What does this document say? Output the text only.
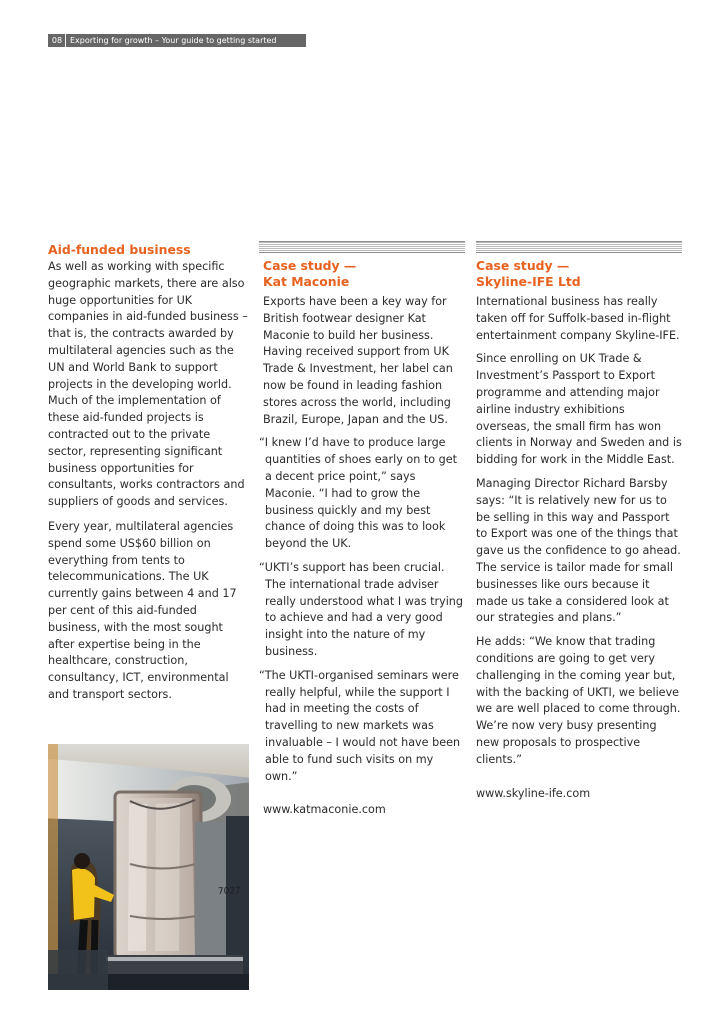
08 Exporting for growth – Your guide to getting started
Aid-funded business

As well as working with specific geographic markets, there are also huge opportunities for UK companies in aid-funded business – that is, the contracts awarded by multilateral agencies such as the UN and World Bank to support projects in the developing world. Much of the implementation of these aid-funded projects is contracted out to the private sector, representing significant business opportunities for consultants, works contractors and suppliers of goods and services.

Every year, multilateral agencies spend some US$60 billion on everything from tents to telecommunications. The UK currently gains between 4 and 17 per cent of this aid-funded business, with the most sought after expertise being in the healthcare, construction, consultancy, ICT, environmental and transport sectors.

Case study —
Kat Maconie

Exports have been a key way for British footwear designer Kat Maconie to build her business. Having received support from UK Trade & Investment, her label can now be found in leading fashion stores across the world, including Brazil, Europe, Japan and the US.

“I knew I’d have to produce large quantities of shoes early on to get a decent price point,” says Maconie. “I had to grow the business quickly and my best chance of doing this was to look beyond the UK.

“UKTI’s support has been crucial. The international trade adviser really understood what I was trying to achieve and had a very good insight into the nature of my business.

“The UKTI-organised seminars were really helpful, while the support I had in meeting the costs of travelling to new markets was invaluable – I would not have been able to fund such visits on my own.”

www.katmaconie.com
Case study —
Skyline-IFE Ltd

International business has really taken off for Suffolk-based in-flight entertainment company Skyline-IFE.

Since enrolling on UK Trade & Investment’s Passport to Export programme and attending major airline industry exhibitions overseas, the small firm has won clients in Norway and Sweden and is bidding for work in the Middle East.

Managing Director Richard Barsby says: “It is relatively new for us to be selling in this way and Passport to Export was one of the things that gave us the confidence to go ahead. The service is tailor made for small businesses like ours because it made us take a considered look at our strategies and plans.”

He adds: “We know that trading conditions are going to get very challenging in the coming year but, with the backing of UKTI, we believe we are well placed to come through. We’re now very busy presenting new proposals to prospective clients.”

www.skyline-ife.com
7027
